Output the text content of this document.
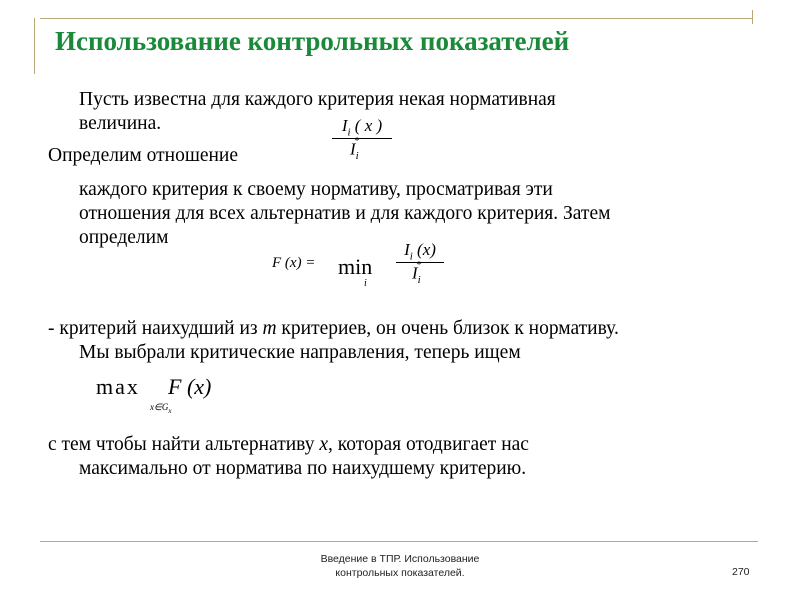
Использование контрольных показателей
Пусть известна для каждого критерия некая нормативная
величина.	$I_i$ ( x )
$I_i^*$
Определим отношение
каждого критерия к своему нормативу, просматривая эти
отношения для всех альтернатив и для каждого критерия. Затем
определим
F (x) = min
i
$I_i$ (x)
$I_i^*$
- критерий наихудший из m критериев, он очень близок к нормативу.
Мы выбрали критические направления, теперь ищем
max
$x\in G_x$
F (x)
с тем чтобы найти альтернативу x, которая отодвигает нас
максимально от норматива по наихудшему критерию.
Введение в ТПР. Использование
контрольных показателей.	270
